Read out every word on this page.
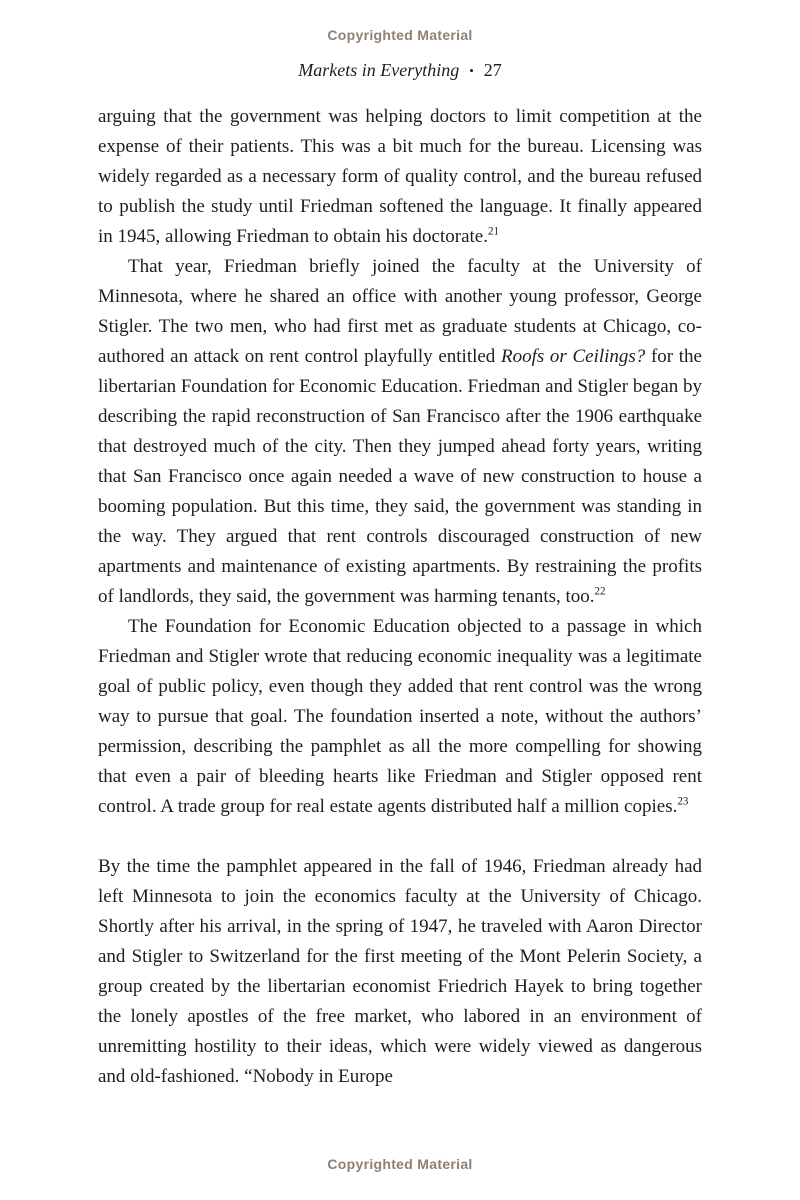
Copyrighted Material
Markets in Everything • 27

arguing that the government was helping doctors to limit competition at the expense of their patients. This was a bit much for the bureau. Licensing was widely regarded as a necessary form of quality control, and the bureau refused to publish the study until Friedman softened the language. It finally appeared in 1945, allowing Friedman to obtain his doctorate.$^{21}$

That year, Friedman briefly joined the faculty at the University of Minnesota, where he shared an office with another young professor, George Stigler. The two men, who had first met as graduate students at Chicago, co-authored an attack on rent control playfully entitled Roofs or Ceilings? for the libertarian Foundation for Economic Education. Friedman and Stigler began by describing the rapid reconstruction of San Francisco after the 1906 earthquake that destroyed much of the city. Then they jumped ahead forty years, writing that San Francisco once again needed a wave of new construction to house a booming population. But this time, they said, the government was standing in the way. They argued that rent controls discouraged construction of new apartments and maintenance of existing apartments. By restraining the profits of landlords, they said, the government was harming tenants, too.$^{22}$

The Foundation for Economic Education objected to a passage in which Friedman and Stigler wrote that reducing economic inequality was a legitimate goal of public policy, even though they added that rent control was the wrong way to pursue that goal. The foundation inserted a note, without the authors’ permission, describing the pamphlet as all the more compelling for showing that even a pair of bleeding hearts like Friedman and Stigler opposed rent control. A trade group for real estate agents distributed half a million copies.$^{23}$

By the time the pamphlet appeared in the fall of 1946, Friedman already had left Minnesota to join the economics faculty at the University of Chicago. Shortly after his arrival, in the spring of 1947, he traveled with Aaron Director and Stigler to Switzerland for the first meeting of the Mont Pelerin Society, a group created by the libertarian economist Friedrich Hayek to bring together the lonely apostles of the free market, who labored in an environment of unremitting hostility to their ideas, which were widely viewed as dangerous and old-fashioned. “Nobody in Europe

Copyrighted Material
